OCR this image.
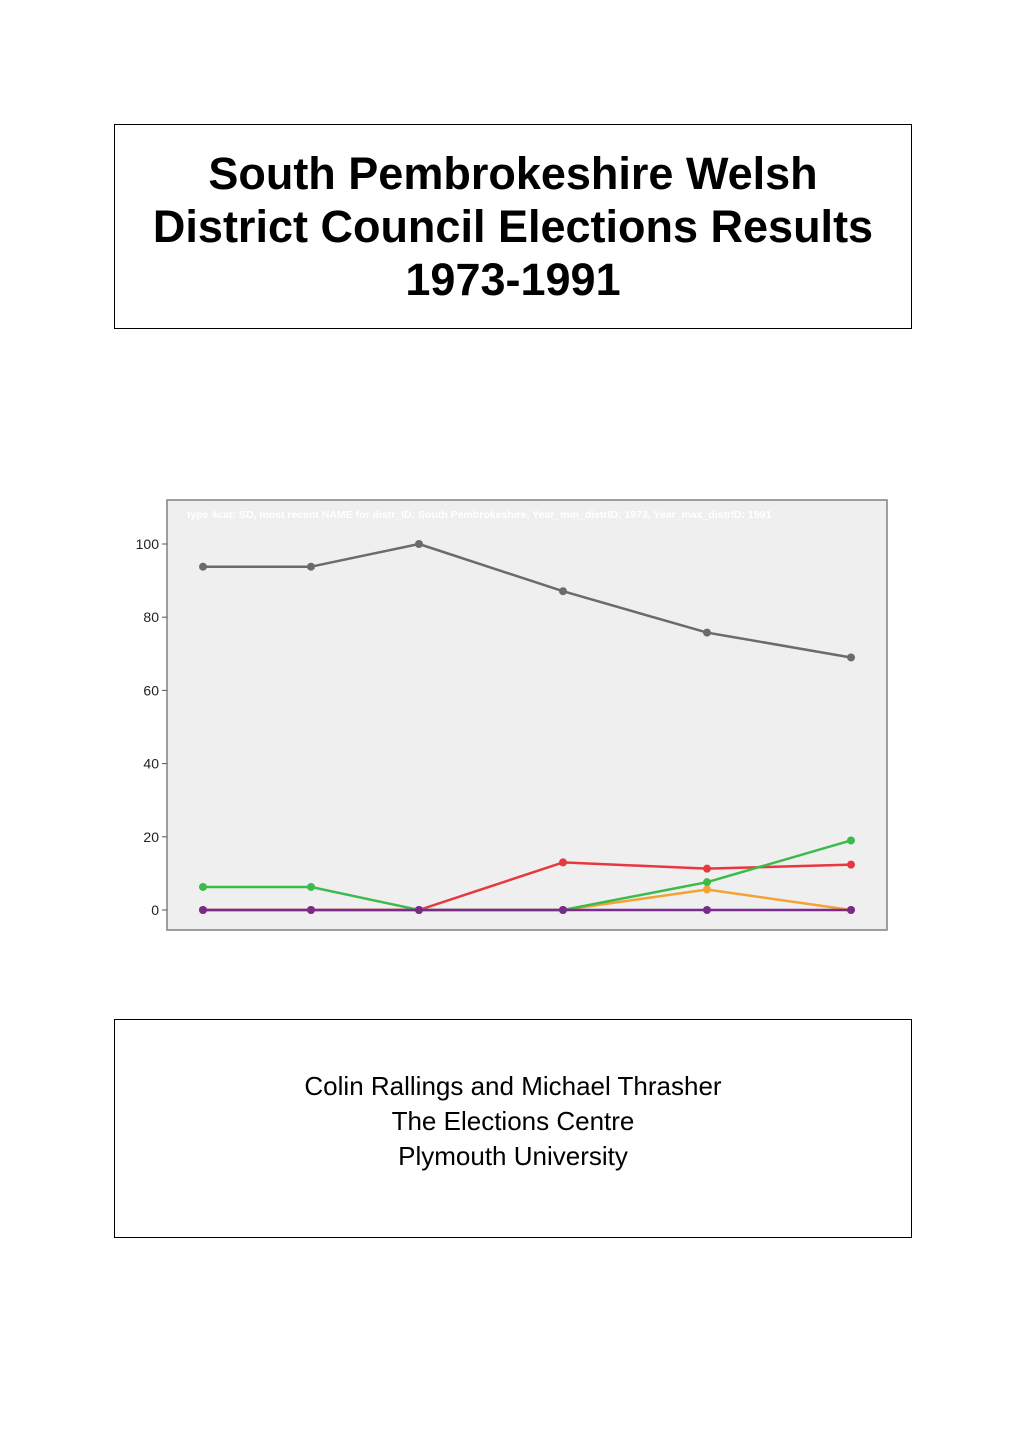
South Pembrokeshire Welsh
District Council Elections Results
1973-1991
type 4cat: SD, most recent NAME for distr_ID: South Pembrokeshire, Year_min_distrID: 1973, Year_max_distrID: 1991
0
20
40
60
80
100
Colin Rallings and Michael Thrasher
The Elections Centre
Plymouth University
